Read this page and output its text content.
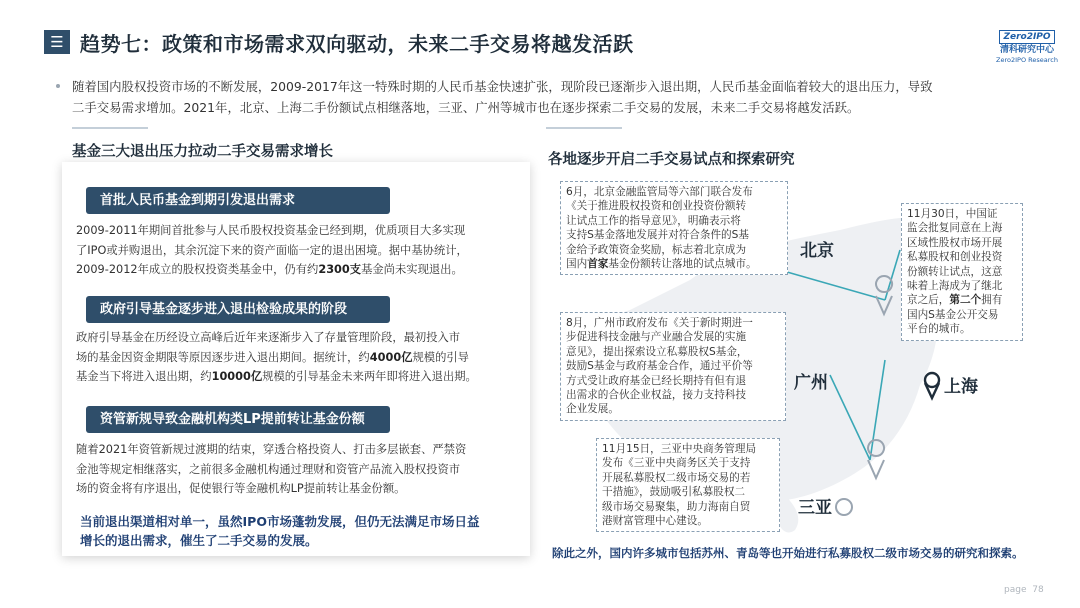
☰ 趋势七：政策和市场需求双向驱动，未来二手交易将越发活跃	Zero2IPO
清科研究中心
Zero2IPO Research
随着国内股权投资市场的不断发展，2009-2017年这一特殊时期的人民币基金快速扩张，现阶段已逐渐步入退出期，人民币基金面临着较大的退出压力，导致
二手交易需求增加。2021年，北京、上海二手份额试点相继落地，三亚、广州等城市也在逐步探索二手交易的发展，未来二手交易将越发活跃。
基金三大退出压力拉动二手交易需求增长
首批人民币基金到期引发退出需求
2009-2011年期间首批参与人民币股权投资基金已经到期，优质项目大多实现
了IPO或并购退出，其余沉淀下来的资产面临一定的退出困境。据中基协统计，
2009-2012年成立的股权投资类基金中，仍有约2300支基金尚未实现退出。
政府引导基金逐步进入退出检验成果的阶段
政府引导基金在历经设立高峰后近年来逐渐步入了存量管理阶段，最初投入市
场的基金因资金期限等原因逐步进入退出期间。据统计，约4000亿规模的引导
基金当下将进入退出期，约10000亿规模的引导基金未来两年即将进入退出期。
资管新规导致金融机构类LP提前转让基金份额
随着2021年资管新规过渡期的结束，穿透合格投资人、打击多层嵌套、严禁资
金池等规定相继落实，之前很多金融机构通过理财和资管产品流入股权投资市
场的资金将有序退出，促使银行等金融机构LP提前转让基金份额。
当前退出渠道相对单一，虽然IPO市场蓬勃发展，但仍无法满足市场日益
增长的退出需求，催生了二手交易的发展。
各地逐步开启二手交易试点和探索研究
北京
上海
广州
三亚
6月，北京金融监管局等六部门联合发布
《关于推进股权投资和创业投资份额转
让试点工作的指导意见》，明确表示将
支持S基金落地发展并对符合条件的S基
金给予政策资金奖励，标志着北京成为
国内首家基金份额转让落地的试点城市。
11月30日，中国证
监会批复同意在上海
区域性股权市场开展
私募股权和创业投资
份额转让试点，这意
味着上海成为了继北
京之后，第二个拥有
国内S基金公开交易
平台的城市。
8月，广州市政府发布《关于新时期进一
步促进科技金融与产业融合发展的实施
意见》，提出探索设立私募股权S基金，
鼓励S基金与政府基金合作，通过平价等
方式受让政府基金已经长期持有但有退
出需求的合伙企业权益，接力支持科技
企业发展。
11月15日，三亚中央商务管理局
发布《三亚中央商务区关于支持
开展私募股权二级市场交易的若
干措施》，鼓励吸引私募股权二
级市场交易聚集，助力海南自贸
港财富管理中心建设。
除此之外，国内许多城市包括苏州、青岛等也开始进行私募股权二级市场交易的研究和探索。
page 78
